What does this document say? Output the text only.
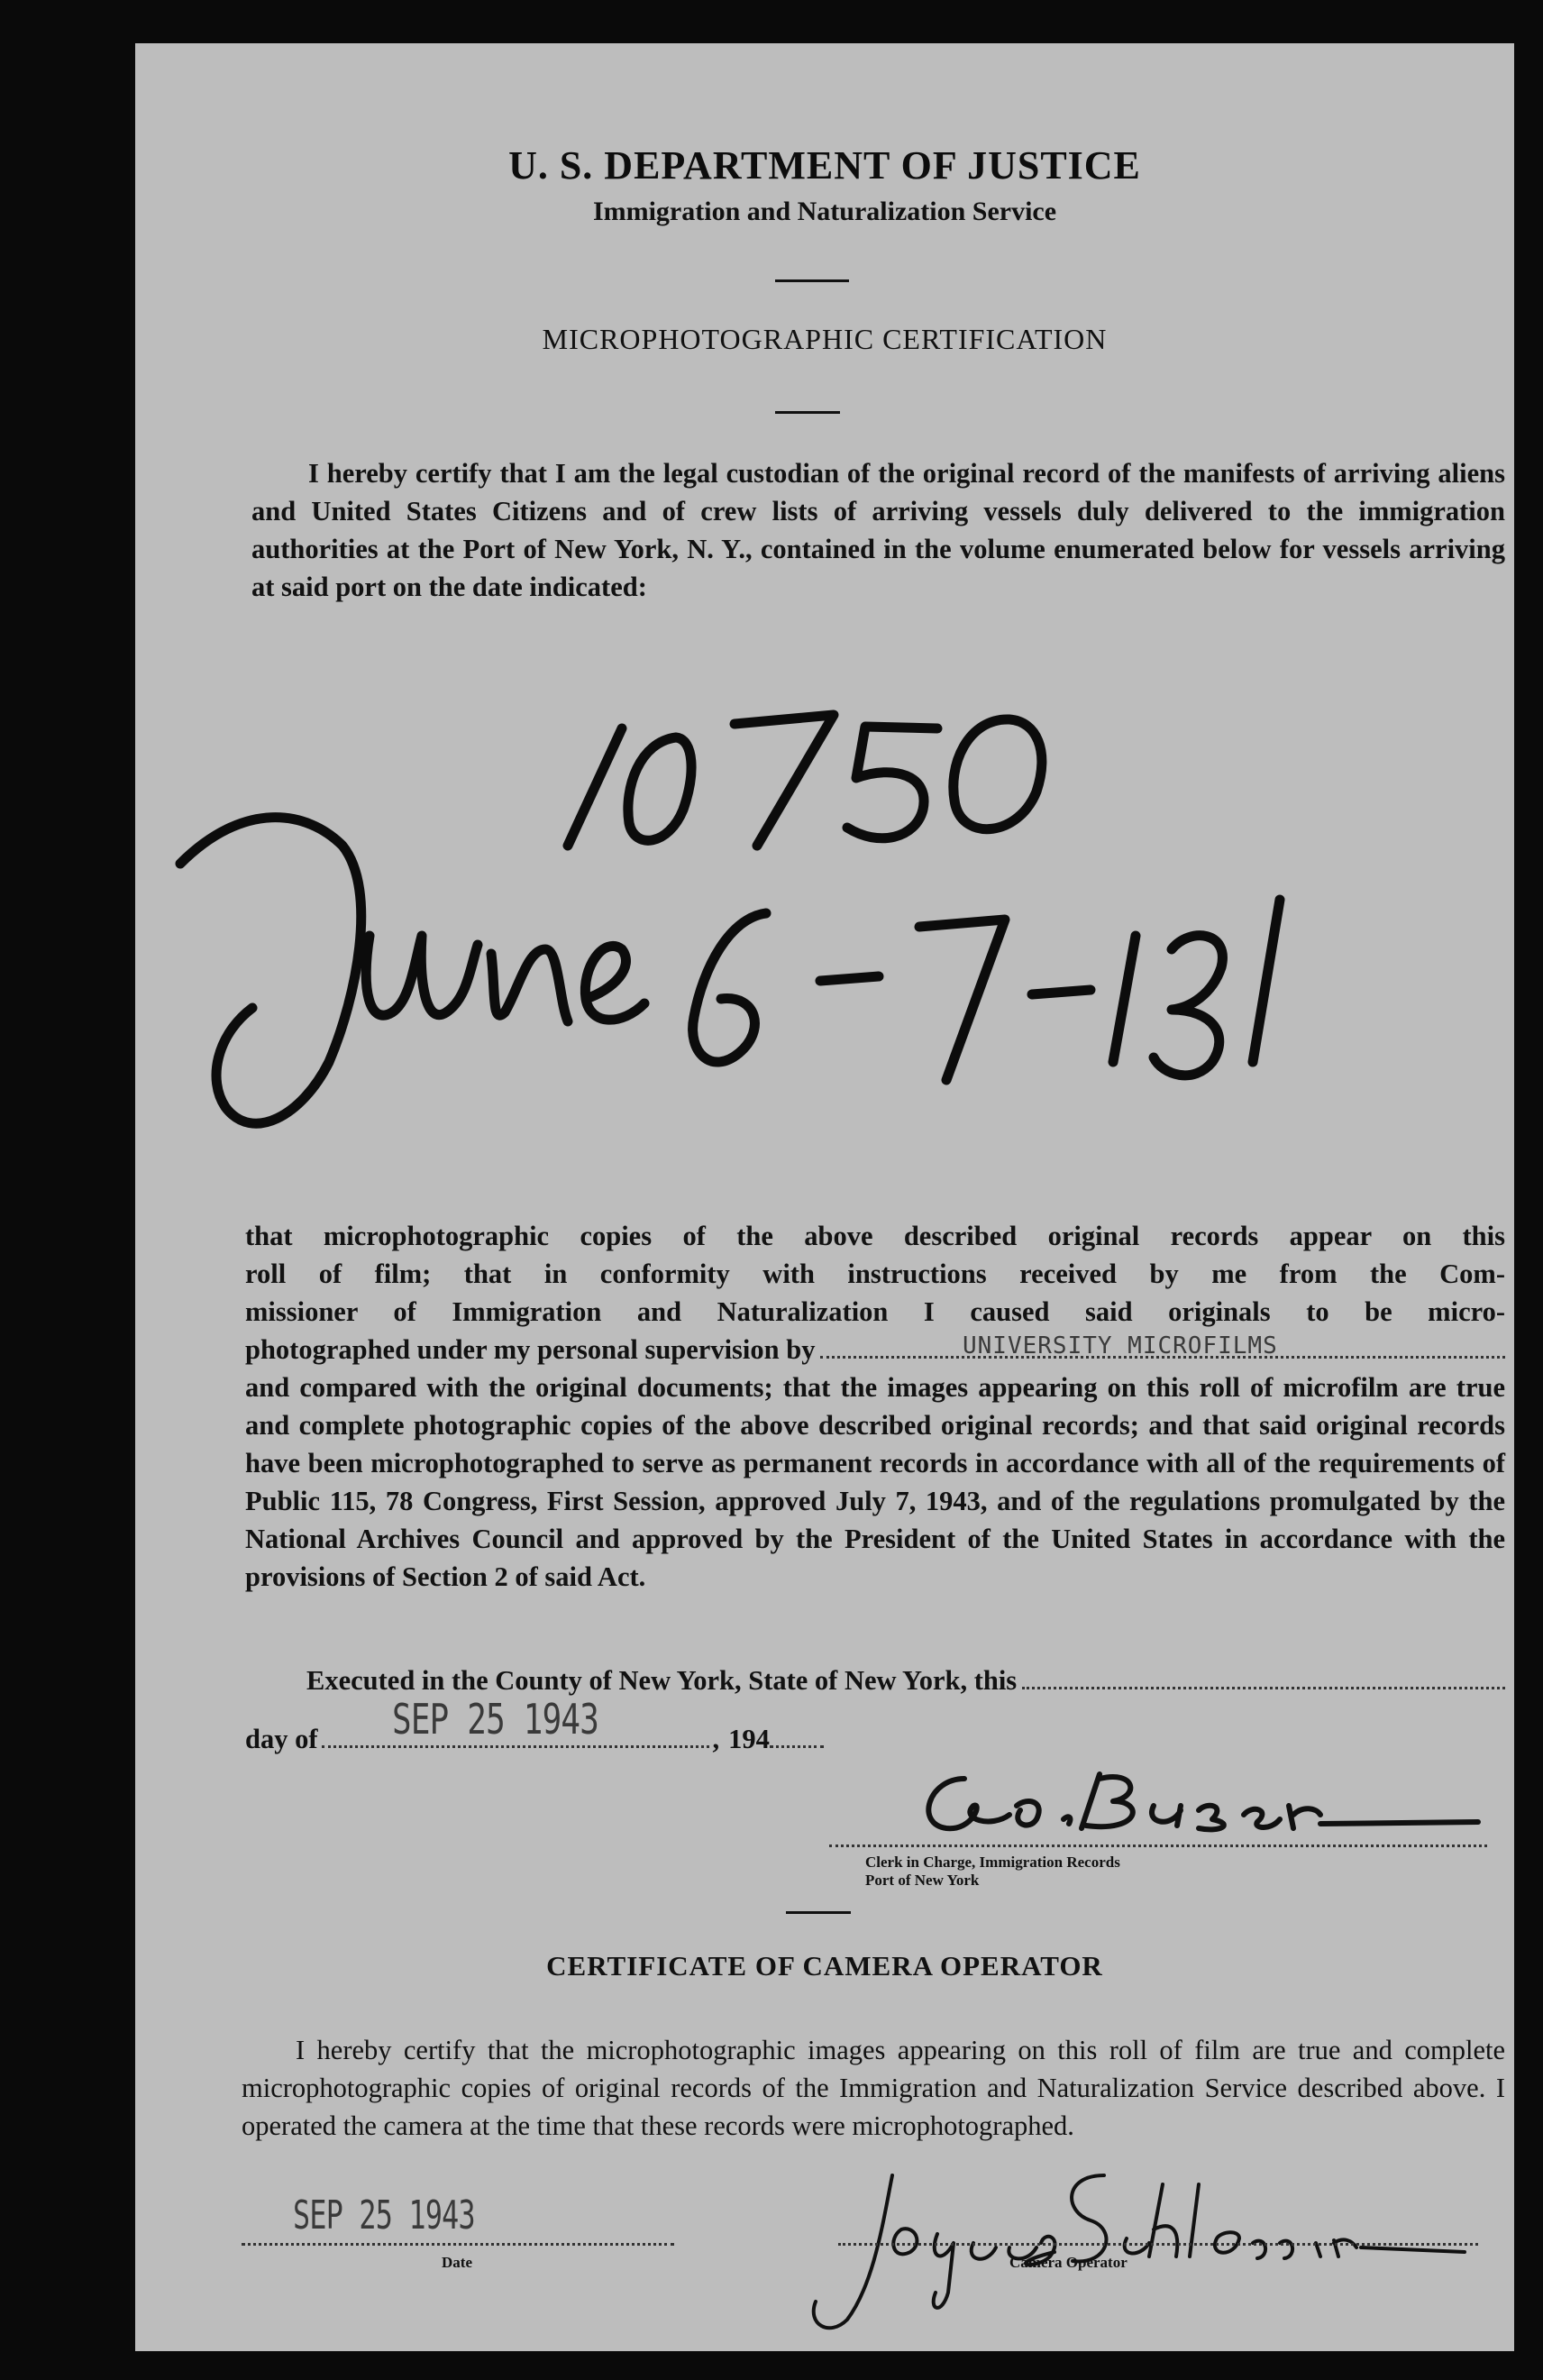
U. S. DEPARTMENT OF JUSTICE
Immigration and Naturalization Service
MICROPHOTOGRAPHIC CERTIFICATION

I hereby certify that I am the legal custodian of the original record of the manifests of arriving aliens and United States Citizens and of crew lists of arriving vessels duly delivered to the immigration authorities at the Port of New York, N. Y., contained in the volume enumerated below for vessels arriving at said port on the date indicated:

that microphotographic copies of the above described original records appear on this
roll of film; that in conformity with instructions received by me from the Com-
missioner of Immigration and Naturalization I caused said originals to be micro-
photographed under my personal supervision by
and compared with the original documents; that the images appearing on this roll of microfilm are true and complete photographic copies of the above described original records; and that said original records have been microphotographed to serve as permanent records in accordance with all of the requirements of Public 115, 78 Congress, First Session, approved July 7, 1943, and of the regulations promulgated by the National Archives Council and approved by the President of the United States in accordance with the provisions of Section 2 of said Act.
UNIVERSITY MICROFILMS
Executed in the County of New York, State of New York, this
day of	, 194
SEP 25 1943
Clerk in Charge, Immigration Records
Port of New York
CERTIFICATE OF CAMERA OPERATOR

I hereby certify that the microphotographic images appearing on this roll of film are true and complete microphotographic copies of original records of the Immigration and Naturalization Service described above. I operated the camera at the time that these records were microphotographed.

SEP 25 1943
Date	Camera Operator
